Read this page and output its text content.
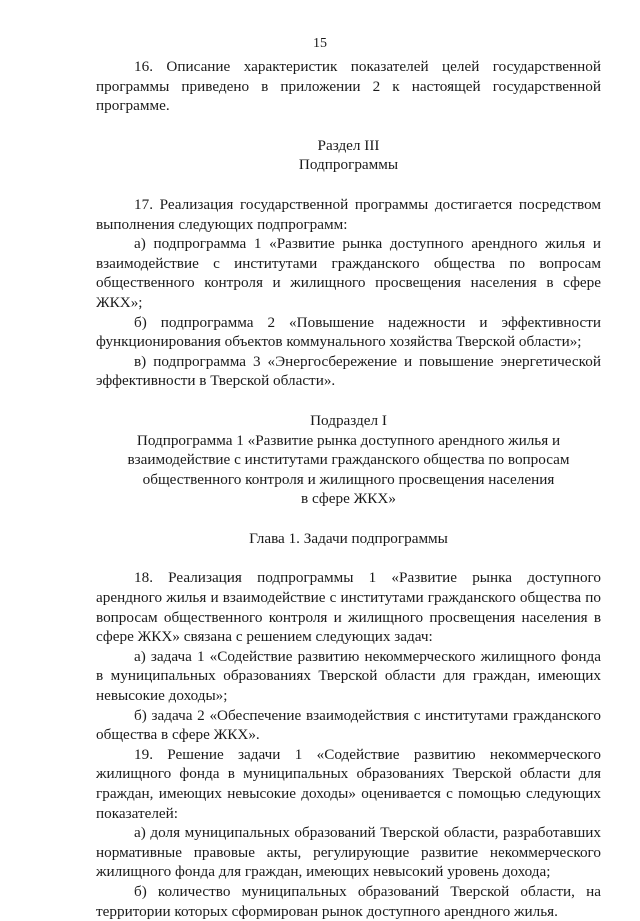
15

16. Описание характеристик показателей целей государственной программы приведено в приложении 2 к настоящей государственной программе.

Раздел III

Подпрограммы

17. Реализация государственной программы достигается посредством выполнения следующих подпрограмм:

а) подпрограмма 1 «Развитие рынка доступного арендного жилья и взаимодействие с институтами гражданского общества по вопросам общественного контроля и жилищного просвещения населения в сфере ЖКХ»;

б) подпрограмма 2 «Повышение надежности и эффективности функционирования объектов коммунального хозяйства Тверской области»;

в) подпрограмма 3 «Энергосбережение и повышение энергетической эффективности в Тверской области».

Подраздел I

Подпрограмма 1 «Развитие рынка доступного арендного жилья и

взаимодействие с институтами гражданского общества по вопросам

общественного контроля и жилищного просвещения населения

в сфере ЖКХ»

Глава 1. Задачи подпрограммы

18. Реализация подпрограммы 1 «Развитие рынка доступного арендного жилья и взаимодействие с институтами гражданского общества по вопросам общественного контроля и жилищного просвещения населения в сфере ЖКХ» связана с решением следующих задач:

а) задача 1 «Содействие развитию некоммерческого жилищного фонда в муниципальных образованиях Тверской области для граждан, имеющих невысокие доходы»;

б) задача 2 «Обеспечение взаимодействия с институтами гражданского общества в сфере ЖКХ».

19. Решение задачи 1 «Содействие развитию некоммерческого жилищного фонда в муниципальных образованиях Тверской области для граждан, имеющих невысокие доходы» оценивается с помощью следующих показателей:

а) доля муниципальных образований Тверской области, разработавших нормативные правовые акты, регулирующие развитие некоммерческого жилищного фонда для граждан, имеющих невысокий уровень дохода;

б) количество муниципальных образований Тверской области, на территории которых сформирован рынок доступного арендного жилья.
